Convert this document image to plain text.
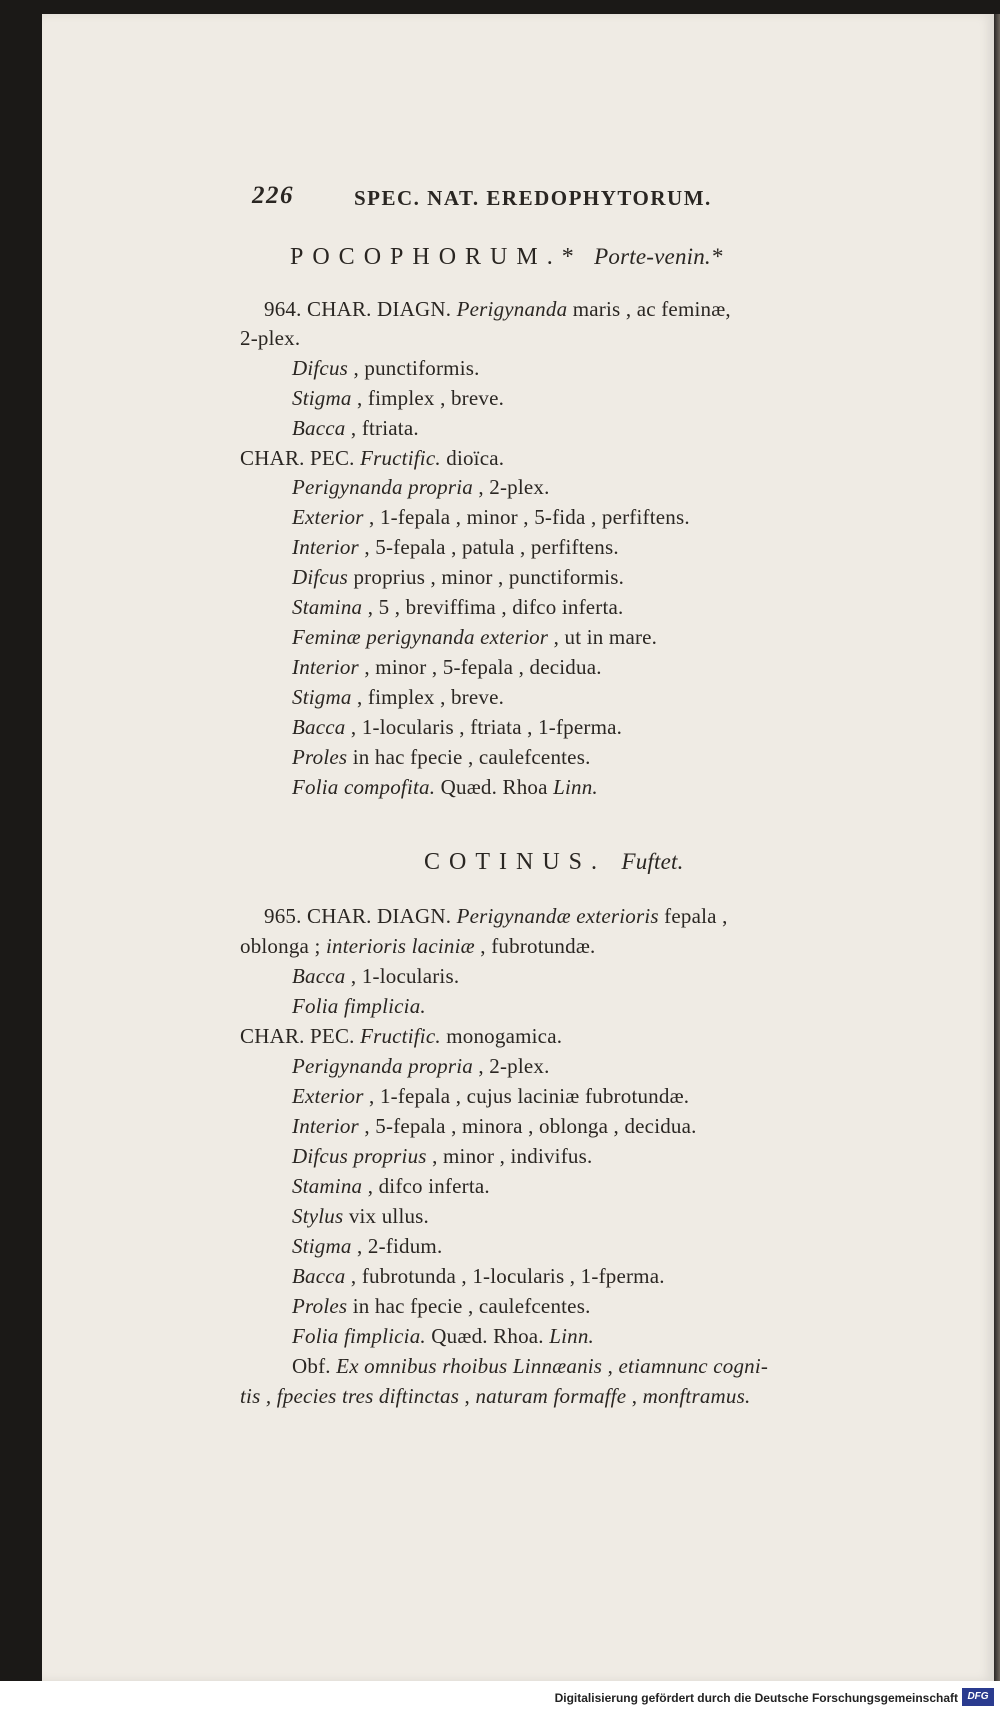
226	SPEC. NAT. EREDOPHYTORUM.
POCOPHORUM.* Porte-venin.*
964. CHAR. DIAGN. Perigynanda maris , ac feminæ,
2-plex.
Difcus , punctiformis.
Stigma , fimplex , breve.
Bacca , ftriata.
CHAR. PEC. Fructific. dioïca.
Perigynanda propria , 2-plex.
Exterior , 1-fepala , minor , 5-fida , perfiftens.
Interior , 5-fepala , patula , perfiftens.
Difcus proprius , minor , punctiformis.
Stamina , 5 , breviffima , difco inferta.
Feminæ perigynanda exterior , ut in mare.
Interior , minor , 5-fepala , decidua.
Stigma , fimplex , breve.
Bacca , 1-locularis , ftriata , 1-fperma.
Proles in hac fpecie , caulefcentes.
Folia compofita. Quæd. Rhoa Linn.
COTINUS. Fuftet.
965. CHAR. DIAGN. Perigynandæ exterioris fepala ,
oblonga ; interioris laciniæ , fubrotundæ.
Bacca , 1-locularis.
Folia fimplicia.
CHAR. PEC. Fructific. monogamica.
Perigynanda propria , 2-plex.
Exterior , 1-fepala , cujus laciniæ fubrotundæ.
Interior , 5-fepala , minora , oblonga , decidua.
Difcus proprius , minor , indivifus.
Stamina , difco inferta.
Stylus vix ullus.
Stigma , 2-fidum.
Bacca , fubrotunda , 1-locularis , 1-fperma.
Proles in hac fpecie , caulefcentes.
Folia fimplicia. Quæd. Rhoa. Linn.
Obf. Ex omnibus rhoibus Linnæanis , etiamnunc cogni-
tis , fpecies tres diftinctas , naturam formaffe , monftramus.
Digitalisierung gefördert durch die Deutsche Forschungsgemeinschaft DFG
